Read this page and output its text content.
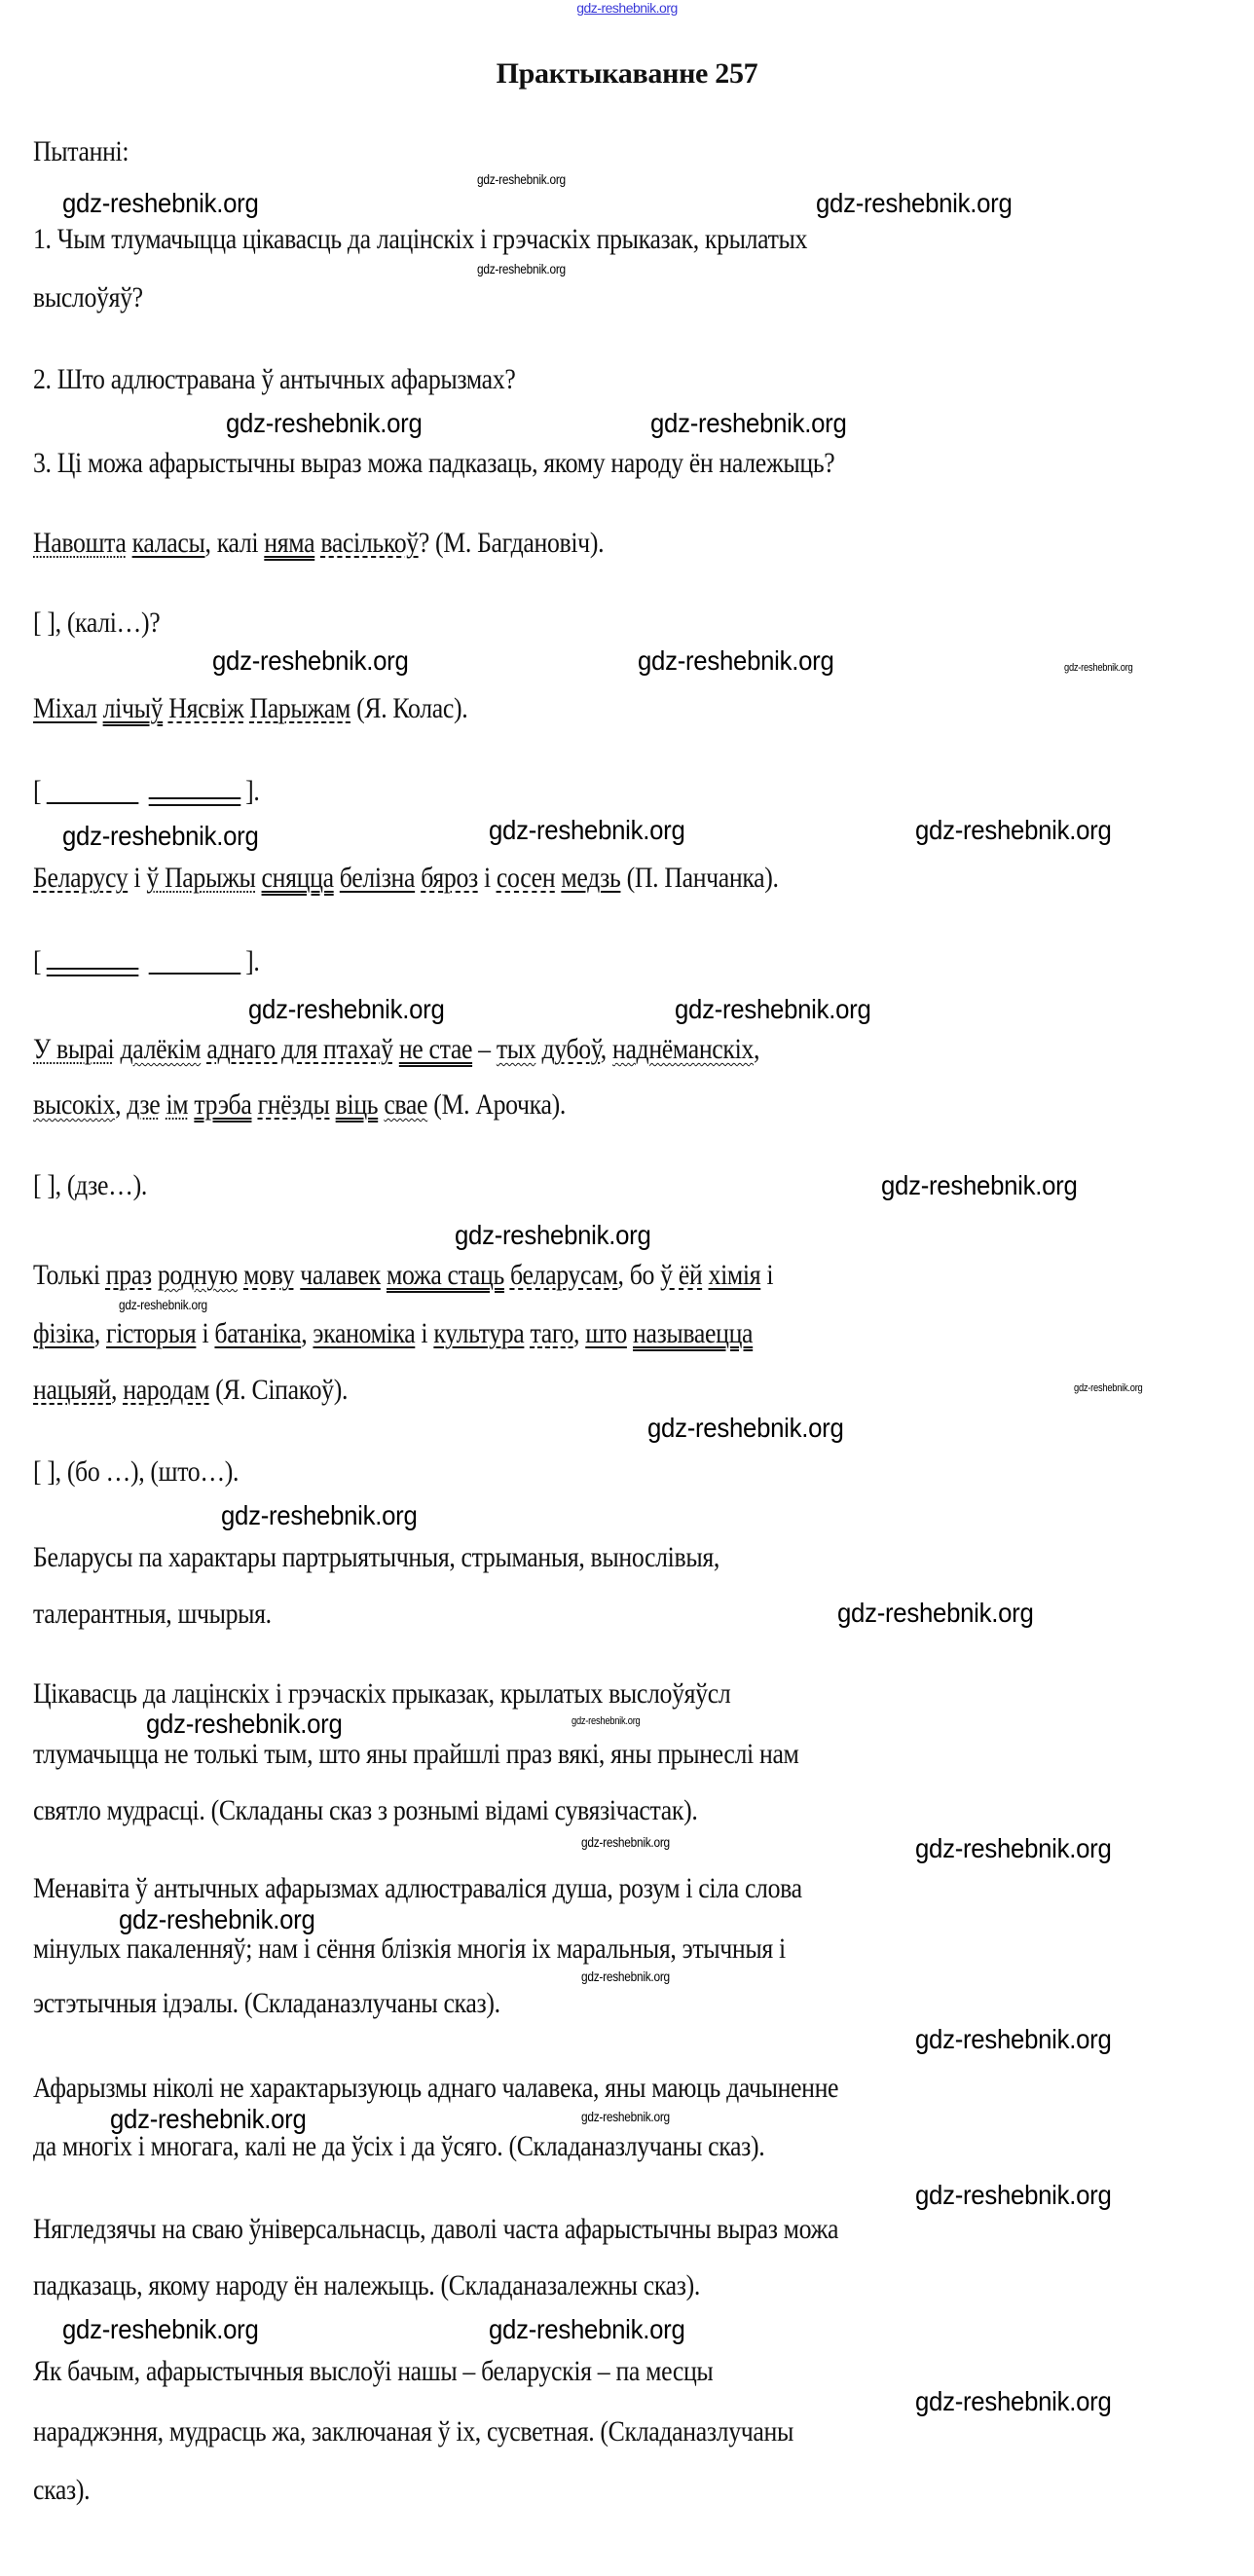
gdz-reshebnik.org
Практыкаванне 257
Пытанні:
1. Чым тлумачыцца цікавасць да лацінскіх і грэчаскіх прыказак, крылатых
выслоўяў?
2. Што адлюстравана ў антычных афарызмах?
3. Ці можа афарыстычны выраз можа падказаць, якому народу ён належыць?
Навошта каласы, калі няма васількоў? (М. Багдановіч).
[ ], (калі…)?
Міхал лічыў Нясвіж Парыжам (Я. Колас).
[	].
Беларусу і ў Парыжы сняцца белізна бяроз і сосен медзь (П. Панчанка).
[	].
У вырai далёкім аднаго для птахаў не стае – тых дубоў, наднёманскіх,
высокіх, дзе ім трэба гнёзды віць свае (М. Арочка).
[ ], (дзе…).
Толькі праз родную мову чалавек можа стаць беларусам, бо ў ёй хімія і
фізіка, гісторыя і батаніка, эканоміка і культура таго, што называецца
нацыяй, народам (Я. Сіпакоў).
[ ], (бо …), (што…).
Беларусы па характары партрыятычныя, стрыманыя, вынослівыя,
талерантныя, шчырыя.
Цікавасць да лацінскіх і грэчаскіх прыказак, крылатых выслоўяўсл
тлумачыцца не толькі тым, што яны прайшлі праз вякі, яны прынеслі нам
святло мудрасці. (Складаны сказ з рознымі відамі сувязічастак).
Менавіта ў антычных афарызмах адлюстраваліся душа, розум і сіла слова
мінулых пакаленняў; нам і сёння блізкія многія іх маральныя, этычныя і
эстэтычныя ідэалы. (Складаназлучаны сказ).
Афарызмы ніколі не характарызуюць аднаго чалавека, яны маюць дачыненне
да многіх і многага, калі не да ўсіх і да ўсяго. (Складаназлучаны сказ).
Нягледзячы на сваю ўніверсальнасць, даволі часта афарыстычны выраз можа
падказаць, якому народу ён належыць. (Складаназалежны сказ).
Як бачым, афарыстычныя выслоўі нашы – беларускія – па месцы
нараджэння, мудрасць жа, заключаная ў іх, сусветная. (Складаназлучаны
сказ).
gdz-reshebnik.org
gdz-reshebnik.org	gdz-reshebnik.org
gdz-reshebnik.org
gdz-reshebnik.org	gdz-reshebnik.org
gdz-reshebnik.org	gdz-reshebnik.org	gdz-reshebnik.org
gdz-reshebnik.org	gdz-reshebnik.org	gdz-reshebnik.org
gdz-reshebnik.org	gdz-reshebnik.org
gdz-reshebnik.org
gdz-reshebnik.org
gdz-reshebnik.org
gdz-reshebnik.org
gdz-reshebnik.org
gdz-reshebnik.org
gdz-reshebnik.org
gdz-reshebnik.org
gdz-reshebnik.org
gdz-reshebnik.org	gdz-reshebnik.org
gdz-reshebnik.org
gdz-reshebnik.org
gdz-reshebnik.org
gdz-reshebnik.org	gdz-reshebnik.org
gdz-reshebnik.org
gdz-reshebnik.org	gdz-reshebnik.org
gdz-reshebnik.org
